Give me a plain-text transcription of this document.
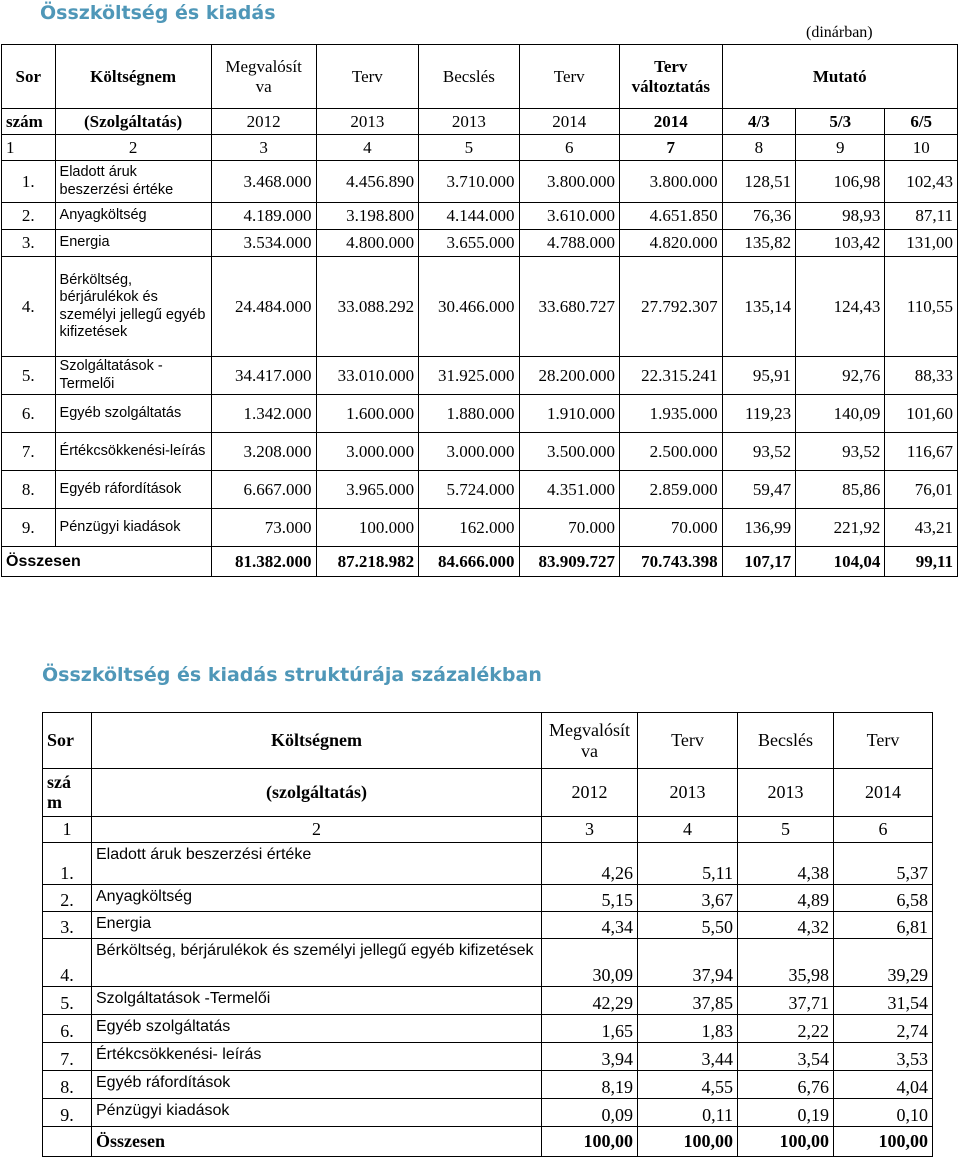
Összköltség és kiadás
(dinárban)
Sor	Költségnem	Megvalósít va	Terv	Becslés	Terv	Terv változtatás	Mutató		
szám	(Szolgáltatás)	2012	2013	2013	2014	2014	4/3	5/3	6/5
1	2	3	4	5	6	7	8	9	10
1.	Eladott áruk beszerzési értéke	3.468.000	4.456.890	3.710.000	3.800.000	3.800.000	128,51	106,98	102,43
2.	Anyagköltség	4.189.000	3.198.800	4.144.000	3.610.000	4.651.850	76,36	98,93	87,11
3.	Energia	3.534.000	4.800.000	3.655.000	4.788.000	4.820.000	135,82	103,42	131,00
4.	Bérköltség, bérjárulékok és személyi jellegű egyéb kifizetések	24.484.000	33.088.292	30.466.000	33.680.727	27.792.307	135,14	124,43	110,55
5.	Szolgáltatások - Termelői	34.417.000	33.010.000	31.925.000	28.200.000	22.315.241	95,91	92,76	88,33
6.	Egyéb szolgáltatás	1.342.000	1.600.000	1.880.000	1.910.000	1.935.000	119,23	140,09	101,60
7.	Értékcsökkenési-leírás	3.208.000	3.000.000	3.000.000	3.500.000	2.500.000	93,52	93,52	116,67
8.	Egyéb ráfordítások	6.667.000	3.965.000	5.724.000	4.351.000	2.859.000	59,47	85,86	76,01
9.	Pénzügyi kiadások	73.000	100.000	162.000	70.000	70.000	136,99	221,92	43,21
Összesen		81.382.000	87.218.982	84.666.000	83.909.727	70.743.398	107,17	104,04	99,11
Összköltség és kiadás struktúrája százalékban
Sor	Költségnem	Megvalósít va	Terv	Becslés	Terv
szá m	(szolgáltatás)	2012	2013	2013	2014
1	2	3	4	5	6
1.	Eladott áruk beszerzési értéke	4,26	5,11	4,38	5,37
2.	Anyagköltség	5,15	3,67	4,89	6,58
3.	Energia	4,34	5,50	4,32	6,81
4.	Bérköltség, bérjárulékok és személyi jellegű egyéb kifizetések	30,09	37,94	35,98	39,29
5.	Szolgáltatások -Termelői	42,29	37,85	37,71	31,54
6.	Egyéb szolgáltatás	1,65	1,83	2,22	2,74
7.	Értékcsökkenési- leírás	3,94	3,44	3,54	3,53
8.	Egyéb ráfordítások	8,19	4,55	6,76	4,04
9.	Pénzügyi kiadások	0,09	0,11	0,19	0,10
	Összesen	100,00	100,00	100,00	100,00
